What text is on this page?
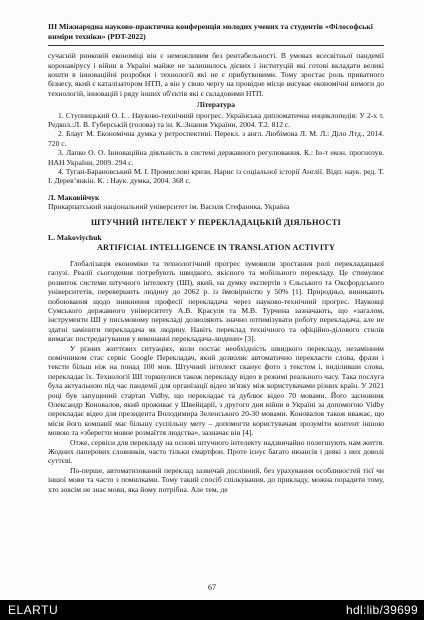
ІІІ Міжнародна науково-практична конференція молодих учених та студентів «Філософські виміри техніки» (PDT-2022)

сучасній ринковій економіці він є неможливим без рентабельності. В умовах всесвітньої пандемії коронавірусу і війни в Україні майже не залишилось дієвих і інституцій які готові вкладати великі кошти в інноваційні розробки і технології які не є прибутковими. Тому зростає роль приватного бізнесу, який є каталізатором НТП, а він у свою чергу на провідне місце висуває економічні вимоги до технологій, інновацій і ряду інших об'єктів які є складовими НТП.

Література

1. Ступницький О. І. . Науково-технічний прогрес. Українська дипломатична енциклопедія: У 2-х т. Редкол.:Л. В. Губерській (голова) та ін. К.:Знання України, 2004. Т.2. 812 с.

2. Блауг М. Економічна думка у ретроспективі. Перекл. з англ. Любімова Л. М. Л.: Діло Лтд., 2014. 720 с.

3. Лапко О. О. Інноваційна діяльність в системі державного регулювання. К.: Ін-т екон. прогнозув. НАН України, 2009. 294 с.

4. Туган-Барановський М. І. Промислові кризи. Нарис із соціальної історії Англії. Відп. наук. ред. Т. І. Деревʼянкін. К. : Наук. думка, 2004. 368 с.

Л. Маковійчук
Прикарпатський національний університет ім. Василя Стефаника, Україна
ШТУЧНИЙ ІНТЕЛЕКТ У ПЕРЕКЛАДАЦЬКІЙ ДІЯЛЬНОСТІ
L. Makoviychuk
ARTIFICIAL INTELLIGENCE IN TRANSLATION ACTIVITY

Глобалізація економіки та технологічний прогрес зумовили зростання ролі перекладацької галузі. Реалії сьогодення потребують швидкого, якісного та мобільного перекладу. Це стимулює розвиток системи штучного інтелекту (ШІ), який, на думку експертів з Єльського та Оксфордського університетів, перевершить людину до 2062 р. із ймовірністю у 50% [1]. Природньо, виникають побоювання щодо зникнення професії перекладача через науково-технічний прогрес. Науковці Сумського державного університету А.В. Красуля та М.В. Турчина зазначають, що «загалом, інструменти ШІ у письмовому перекладі дозволяють значно оптимізувати роботу перекладача, але не здатні замінити перекладача як людину. Навіть переклад технічного та офіційно-ділового стилів вимагає постредагування у виконанні перекладача-людини» [3].

У різних життєвих ситуаціях, коли постає необхідність швидкого перекладу, незамінним помічником стає сервіс Google Перекладач, який дозволяє автоматично перекласти слова, фрази і тексти більш ніж на понад 100 мов. Штучний інтелект сканує фото з текстом і, виділивши слова, перекладає їх. Технології ШІ торкнулися також перекладу відео в режимі реального часу. Така послуга була актуальною під час пандемії для організації відео зв'язку між користувачами різних країн. У 2021 році був запущений стартап Vidby, що перекладає та дублює відео 70 мовами. Його засновник Олександр Коновалов, який проживає у Швейцарії, з другого дня війни в Україні за допомогою Vidby перекладає відео для президента Володимира Зеленського 20-30 мовами. Коновалов також вважає, що місія його компанії має більшу суспільну мету – допомогти користувачам зрозуміти контент іншою мовою та «зберегти мовне розмаїття людства», зазначає він [4].

Отже, сервіси для перекладу на основі штучного інтелекту надзвичайно полегшують нам життя. Жодних паперових словників, часто тільки смартфон. Проте існує багато нюансів і деякі з них доволі суттєві.

По-перше, автоматизований переклад зазвичай дослівний, без урахування особливостей тієї чи іншої мови та часто з помилками. Тому такий спосіб спілкування, до прикладу, можна порадити тому, хто зовсім не знає мови, яка йому потрібна. Але тем, де

67
ELARTU	hdl:lib/39699
